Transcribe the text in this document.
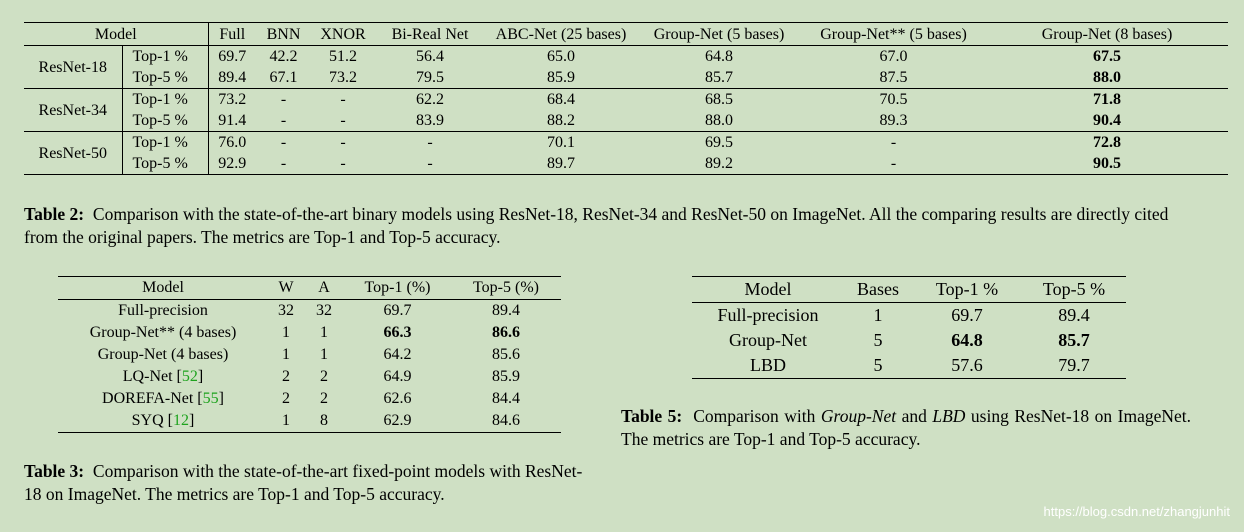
Model		Full	BNN	XNOR	Bi-Real Net	ABC-Net (25 bases)	Group-Net (5 bases)	Group-Net** (5 bases)	Group-Net (8 bases)
ResNet-18	Top-1 %	69.7	42.2	51.2	56.4	65.0	64.8	67.0	67.5
	Top-5 %	89.4	67.1	73.2	79.5	85.9	85.7	87.5	88.0
ResNet-34	Top-1 %	73.2	-	-	62.2	68.4	68.5	70.5	71.8
	Top-5 %	91.4	-	-	83.9	88.2	88.0	89.3	90.4
ResNet-50	Top-1 %	76.0	-	-	-	70.1	69.5	-	72.8
	Top-5 %	92.9	-	-	-	89.7	89.2	-	90.5
Table 2: Comparison with the state-of-the-art binary models using ResNet-18, ResNet-34 and ResNet-50 on ImageNet. All the comparing results are directly cited from the original papers. The metrics are Top-1 and Top-5 accuracy.
Model	W	A	Top-1 (%)	Top-5 (%)
Full-precision	32	32	69.7	89.4
Group-Net** (4 bases)	1	1	66.3	86.6
Group-Net (4 bases)	1	1	64.2	85.6
LQ-Net [52]	2	2	64.9	85.9
DOREFA-Net [55]	2	2	62.6	84.4
SYQ [12]	1	8	62.9	84.6
Table 3: Comparison with the state-of-the-art fixed-point models with ResNet-18 on ImageNet. The metrics are Top-1 and Top-5 accuracy.
Model	Bases	Top-1 %	Top-5 %
Full-precision	1	69.7	89.4
Group-Net	5	64.8	85.7
LBD	5	57.6	79.7
Table 5: Comparison with Group-Net and LBD using ResNet-18 on ImageNet. The metrics are Top-1 and Top-5 accuracy.
https://blog.csdn.net/zhangjunhit
